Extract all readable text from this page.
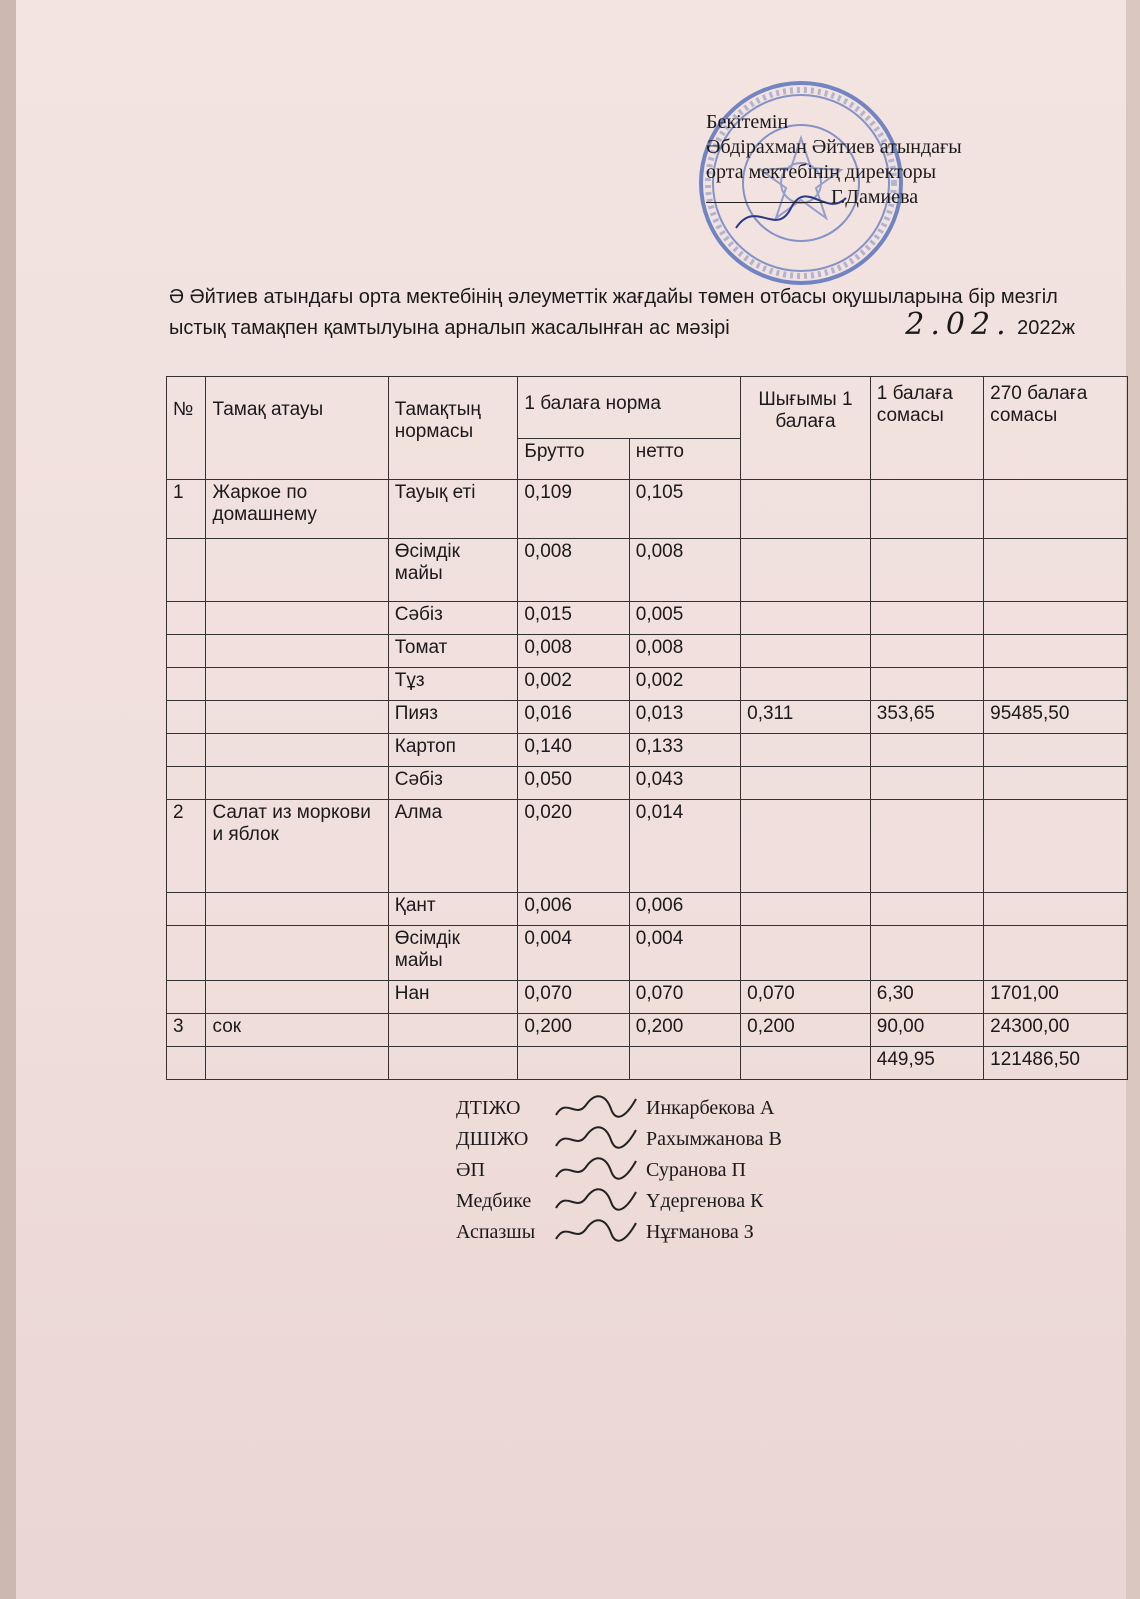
Бекітемін
Әбдірахман Әйтиев атындағы
орта мектебінің директоры
Г.Дамиева
Ә Әйтиев атындағы орта мектебінің әлеуметтік жағдайы төмен отбасы оқушыларына бір мезгіл ыстық тамақпен қамтылуына арналып жасалынған ас мәзірі	2.02. 2022ж
№	Тамақ атауы	Тамақтың нормасы	1 балаға норма		Шығымы 1 балаға	1 балаға сомасы	270 балаға сомасы
			Брутто	нетто			
1	Жаркое по домашнему	Тауық еті	0,109	0,105			
		Өсімдік майы	0,008	0,008			
		Сәбіз	0,015	0,005			
		Томат	0,008	0,008			
		Тұз	0,002	0,002			
		Пияз	0,016	0,013	0,311	353,65	95485,50
		Картоп	0,140	0,133			
		Сәбіз	0,050	0,043			
2	Салат из моркови и яблок	Алма	0,020	0,014			
		Қант	0,006	0,006			
		Өсімдік майы	0,004	0,004			
		Нан	0,070	0,070	0,070	6,30	1701,00
3	сок		0,200	0,200	0,200	90,00	24300,00
						449,95	121486,50
ДТІЖО	Инкарбекова А
ДШІЖО	Рахымжанова В
ӘП	Суранова П
Медбике	Үдергенова К
Аспазшы	Нұғманова З
